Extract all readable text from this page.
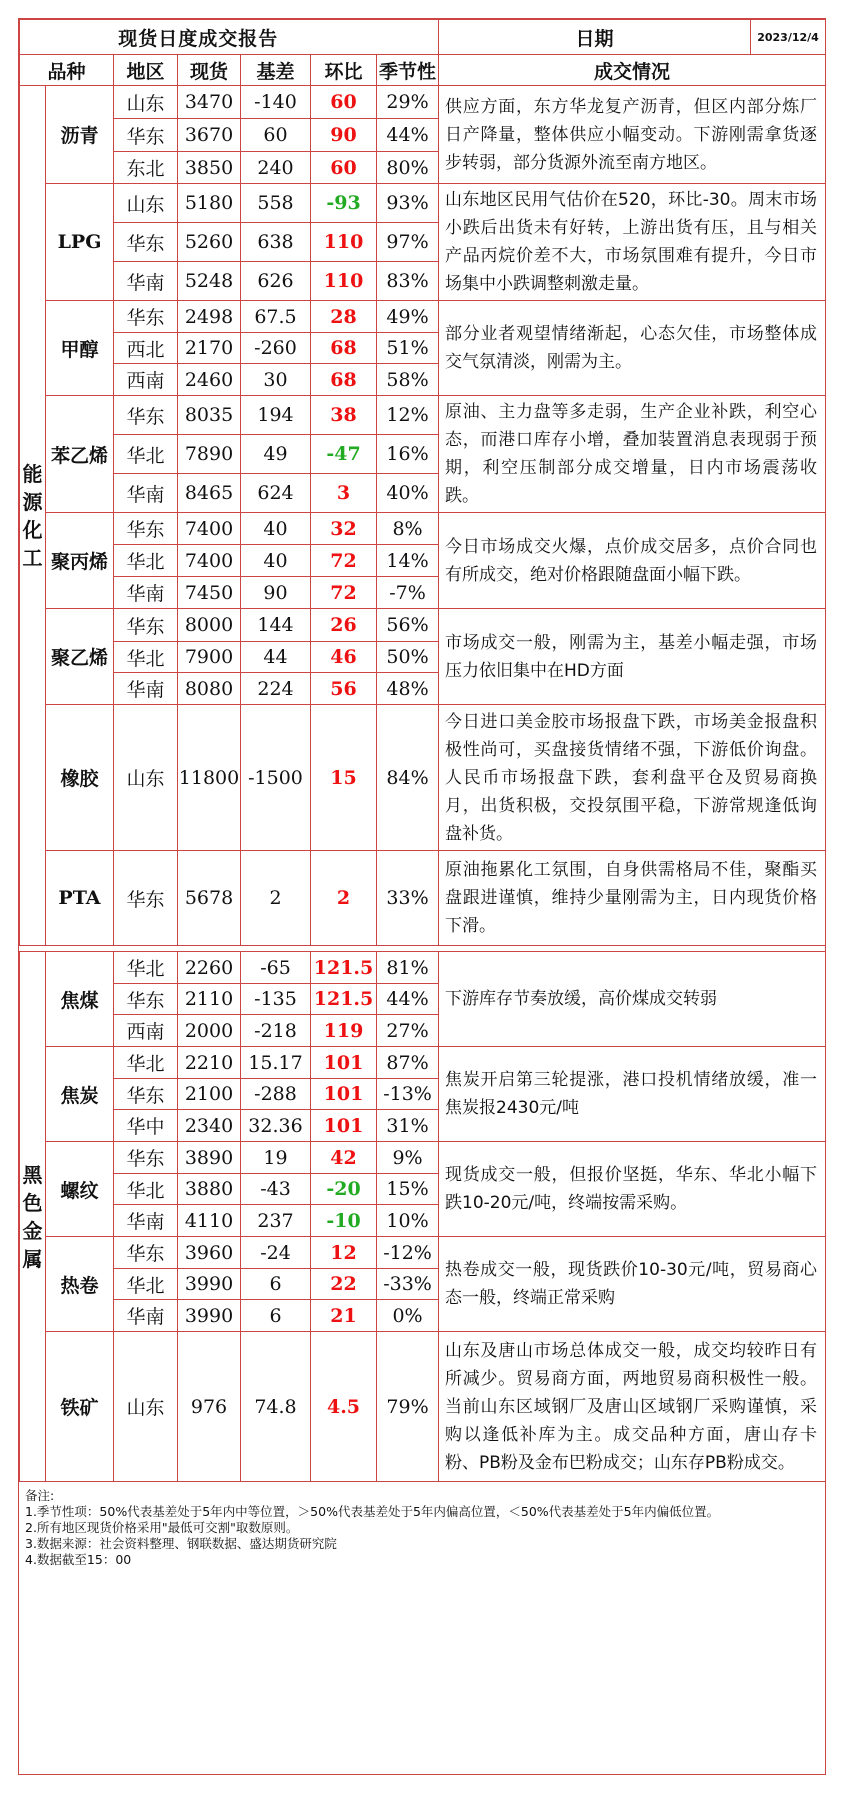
现货日度成交报告							日期 2023/12/4

品种		地区	现货	基差	环比	季节性	成交情况
能源化工	沥青	山东	3470	-140	60	29%	供应方面，东方华龙复产沥青，但区内部分炼厂日产降量，整体供应小幅变动。下游刚需拿货逐步转弱，部分货源外流至南方地区。
		华东	3670	60	90	44%	
		东北	3850	240	60	80%	
	LPG	山东	5180	558	-93	93%	山东地区民用气估价在520，环比-30。周末市场小跌后出货未有好转，上游出货有压，且与相关产品丙烷价差不大，市场氛围难有提升，今日市场集中小跌调整刺激走量。
		华东	5260	638	110	97%	
		华南	5248	626	110	83%	
	甲醇	华东	2498	67.5	28	49%	部分业者观望情绪渐起，心态欠佳，市场整体成交气氛清淡，刚需为主。
		西北	2170	-260	68	51%	
		西南	2460	30	68	58%	
	苯乙烯	华东	8035	194	38	12%	原油、主力盘等多走弱，生产企业补跌，利空心态，而港口库存小增，叠加装置消息表现弱于预期，利空压制部分成交增量，日内市场震荡收跌。
		华北	7890	49	-47	16%	
		华南	8465	624	3	40%	
	聚丙烯	华东	7400	40	32	8%	今日市场成交火爆，点价成交居多，点价合同也有所成交，绝对价格跟随盘面小幅下跌。
		华北	7400	40	72	14%	
		华南	7450	90	72	-7%	
	聚乙烯	华东	8000	144	26	56%	市场成交一般，刚需为主，基差小幅走强，市场压力依旧集中在HD方面
		华北	7900	44	46	50%	
		华南	8080	224	56	48%	
	橡胶	山东	11800	-1500	15	84%	今日进口美金胶市场报盘下跌，市场美金报盘积极性尚可，买盘接货情绪不强，下游低价询盘。人民币市场报盘下跌，套利盘平仓及贸易商换月，出货积极，交投氛围平稳，下游常规逢低询盘补货。
	PTA	华东	5678	2	2	33%	原油拖累化工氛围，自身供需格局不佳，聚酯买盘跟进谨慎，维持少量刚需为主，日内现货价格下滑。

黑色金属	焦煤	华北	2260	-65	121.5	81%	下游库存节奏放缓，高价煤成交转弱
		华东	2110	-135	121.5	44%	
		西南	2000	-218	119	27%	
	焦炭	华北	2210	15.17	101	87%	焦炭开启第三轮提涨，港口投机情绪放缓，准一焦炭报2430元/吨
		华东	2100	-288	101	-13%	
		华中	2340	32.36	101	31%	
	螺纹	华东	3890	19	42	9%	现货成交一般，但报价坚挺，华东、华北小幅下跌10-20元/吨，终端按需采购。
		华北	3880	-43	-20	15%	
		华南	4110	237	-10	10%	
	热卷	华东	3960	-24	12	-12%	热卷成交一般，现货跌价10-30元/吨，贸易商心态一般，终端正常采购
		华北	3990	6	22	-33%	
		华南	3990	6	21	0%	
	铁矿	山东	976	74.8	4.5	79%	山东及唐山市场总体成交一般，成交均较昨日有所减少。贸易商方面，两地贸易商积极性一般。当前山东区域钢厂及唐山区域钢厂采购谨慎，采购以逢低补库为主。成交品种方面，唐山存卡粉、PB粉及金布巴粉成交；山东存PB粉成交。
备注:
1.季节性项：50%代表基差处于5年内中等位置，＞50%代表基差处于5年内偏高位置，＜50%代表基差处于5年内偏低位置。
2.所有地区现货价格采用"最低可交割"取数原则。
3.数据来源：社会资料整理、钢联数据、盛达期货研究院
4.数据截至15：00
